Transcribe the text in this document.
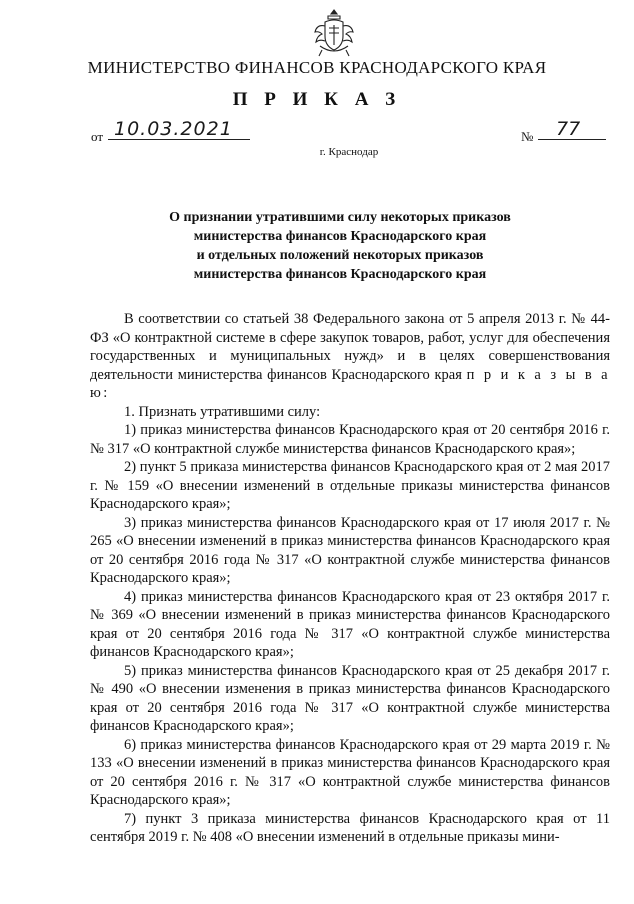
МИНИСТЕРСТВО ФИНАНСОВ КРАСНОДАРСКОГО КРАЯ
П Р И К А З
от 10.03.2021	№	77
г. Краснодар
О признании утратившими силу некоторых приказов
министерства финансов Краснодарского края
и отдельных положений некоторых приказов
министерства финансов Краснодарского края

В соответствии со статьей 38 Федерального закона от 5 апреля 2013 г. № 44-ФЗ «О контрактной системе в сфере закупок товаров, работ, услуг для обеспечения государственных и муниципальных нужд» и в целях совершенствования деятельности министерства финансов Краснодарского края п р и к а з ы в а ю:

1. Признать утратившими силу:

1) приказ министерства финансов Краснодарского края от 20 сентября 2016 г. № 317 «О контрактной службе министерства финансов Краснодарского края»;

2) пункт 5 приказа министерства финансов Краснодарского края от 2 мая 2017 г. № 159 «О внесении изменений в отдельные приказы министерства финансов Краснодарского края»;

3) приказ министерства финансов Краснодарского края от 17 июля 2017 г. № 265 «О внесении изменений в приказ министерства финансов Краснодарского края от 20 сентября 2016 года № 317 «О контрактной службе министерства финансов Краснодарского края»;

4) приказ министерства финансов Краснодарского края от 23 октября 2017 г. № 369 «О внесении изменений в приказ министерства финансов Краснодарского края от 20 сентября 2016 года № 317 «О контрактной службе министерства финансов Краснодарского края»;

5) приказ министерства финансов Краснодарского края от 25 декабря 2017 г. № 490 «О внесении изменения в приказ министерства финансов Краснодарского края от 20 сентября 2016 года № 317 «О контрактной службе министерства финансов Краснодарского края»;

6) приказ министерства финансов Краснодарского края от 29 марта 2019 г. № 133 «О внесении изменений в приказ министерства финансов Краснодарского края от 20 сентября 2016 г. № 317 «О контрактной службе министерства финансов Краснодарского края»;

7) пункт 3 приказа министерства финансов Краснодарского края от 11 сентября 2019 г. № 408 «О внесении изменений в отдельные приказы мини-
